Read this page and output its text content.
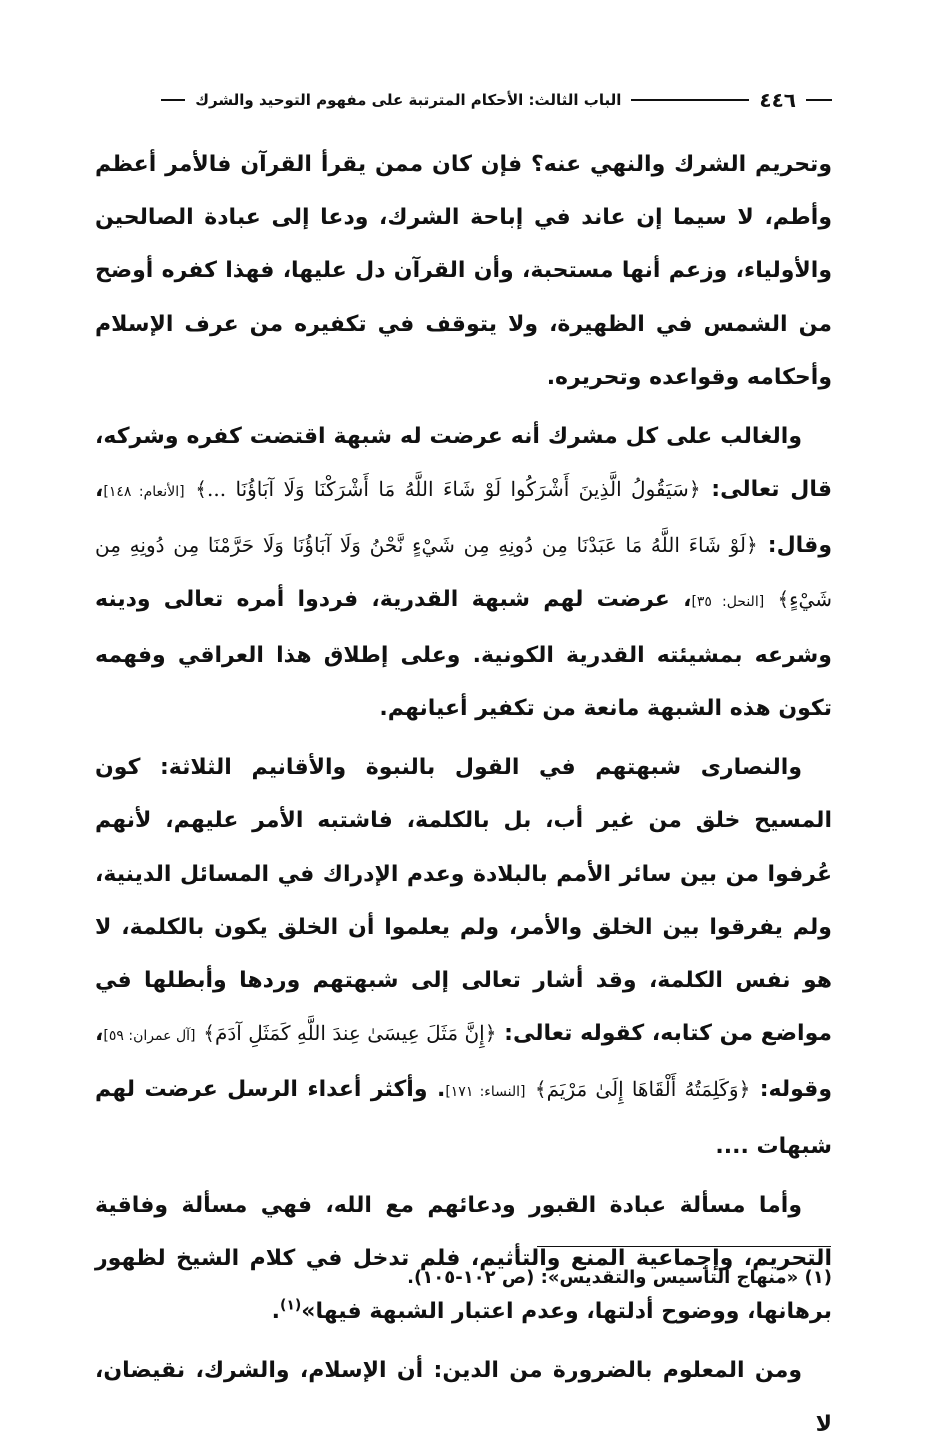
٤٤٦
الباب الثالث: الأحكام المترتبة على مفهوم التوحيد والشرك

وتحريم الشرك والنهي عنه؟ فإن كان ممن يقرأ القرآن فالأمر أعظم وأطم، لا سيما إن عاند في إباحة الشرك، ودعا إلى عبادة الصالحين والأولياء، وزعم أنها مستحبة، وأن القرآن دل عليها، فهذا كفره أوضح من الشمس في الظهيرة، ولا يتوقف في تكفيره من عرف الإسلام وأحكامه وقواعده وتحريره.

والغالب على كل مشرك أنه عرضت له شبهة اقتضت كفره وشركه، قال تعالى: ﴿سَيَقُولُ الَّذِينَ أَشْرَكُوا لَوْ شَاءَ اللَّهُ مَا أَشْرَكْنَا وَلَا آبَاؤُنَا ...﴾ [الأنعام: ١٤٨]، وقال: ﴿لَوْ شَاءَ اللَّهُ مَا عَبَدْنَا مِن دُونِهِ مِن شَيْءٍ نَّحْنُ وَلَا آبَاؤُنَا وَلَا حَرَّمْنَا مِن دُونِهِ مِن شَيْءٍ﴾ [النحل: ٣٥]، عرضت لهم شبهة القدرية، فردوا أمره تعالى ودينه وشرعه بمشيئته القدرية الكونية. وعلى إطلاق هذا العراقي وفهمه تكون هذه الشبهة مانعة من تكفير أعيانهم.

والنصارى شبهتهم في القول بالنبوة والأقانيم الثلاثة: كون المسيح خلق من غير أب، بل بالكلمة، فاشتبه الأمر عليهم، لأنهم عُرفوا من بين سائر الأمم بالبلادة وعدم الإدراك في المسائل الدينية، ولم يفرقوا بين الخلق والأمر، ولم يعلموا أن الخلق يكون بالكلمة، لا هو نفس الكلمة، وقد أشار تعالى إلى شبهتهم وردها وأبطلها في مواضع من كتابه، كقوله تعالى: ﴿إِنَّ مَثَلَ عِيسَىٰ عِندَ اللَّهِ كَمَثَلِ آدَمَ﴾ [آل عمران: ٥٩]، وقوله: ﴿وَكَلِمَتُهُ أَلْقَاهَا إِلَىٰ مَرْيَمَ﴾ [النساء: ١٧١]. وأكثر أعداء الرسل عرضت لهم شبهات ....

وأما مسألة عبادة القبور ودعائهم مع الله، فهي مسألة وفاقية التحريم، وإجماعية المنع والتأثيم، فلم تدخل في كلام الشيخ لظهور برهانها، ووضوح أدلتها، وعدم اعتبار الشبهة فيها»$^{(١)}$.

ومن المعلوم بالضرورة من الدين: أن الإسلام، والشرك، نقيضان، لا

(١) «منهاج التأسيس والتقديس»: (ص ١٠٢-١٠٥).
